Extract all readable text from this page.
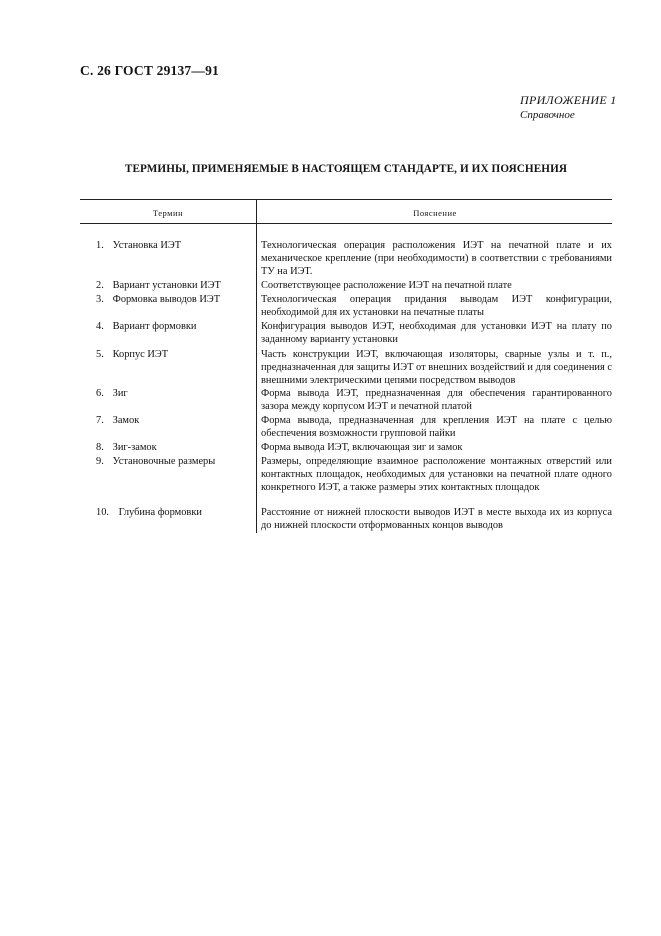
С. 26 ГОСТ 29137—91
ПРИЛОЖЕНИЕ 1
Справочное
ТЕРМИНЫ, ПРИМЕНЯЕМЫЕ В НАСТОЯЩЕМ СТАНДАРТЕ, И ИХ ПОЯСНЕНИЯ
Термин	Пояснение
1. Установка ИЭТ	Технологическая операция расположения ИЭТ на печатной плате и их механическое крепление (при необходимости) в соответствии с требованиями ТУ на ИЭТ.
2. Вариант установки ИЭТ	Соответствующее расположение ИЭТ на печатной плате
3. Формовка выводов ИЭТ	Технологическая операция придания выводам ИЭТ конфигурации, необходимой для их установки на печатные платы
4. Вариант формовки	Конфигурация выводов ИЭТ, необходимая для установки ИЭТ на плату по заданному варианту установки
5. Корпус ИЭТ	Часть конструкции ИЭТ, включающая изоляторы, сварные узлы и т. п., предназначенная для защиты ИЭТ от внешних воздействий и для соединения с внешними электрическими цепями посредством выводов
6. Зиг	Форма вывода ИЭТ, предназначенная для обеспечения гарантированного зазора между корпусом ИЭТ и печатной платой
7. Замок	Форма вывода, предназначенная для крепления ИЭТ на плате с целью обеспечения возможности групповой пайки
8. Зиг-замок	Форма вывода ИЭТ, включающая зиг и замок
9. Установочные размеры	Размеры, определяющие взаимное расположение монтажных отверстий или контактных площадок, необходимых для установки на печатной плате одного конкретного ИЭТ, а также размеры этих контактных площадок
10. Глубина формовки	Расстояние от нижней плоскости выводов ИЭТ в месте выхода их из корпуса до нижней плоскости отформованных концов выводов
